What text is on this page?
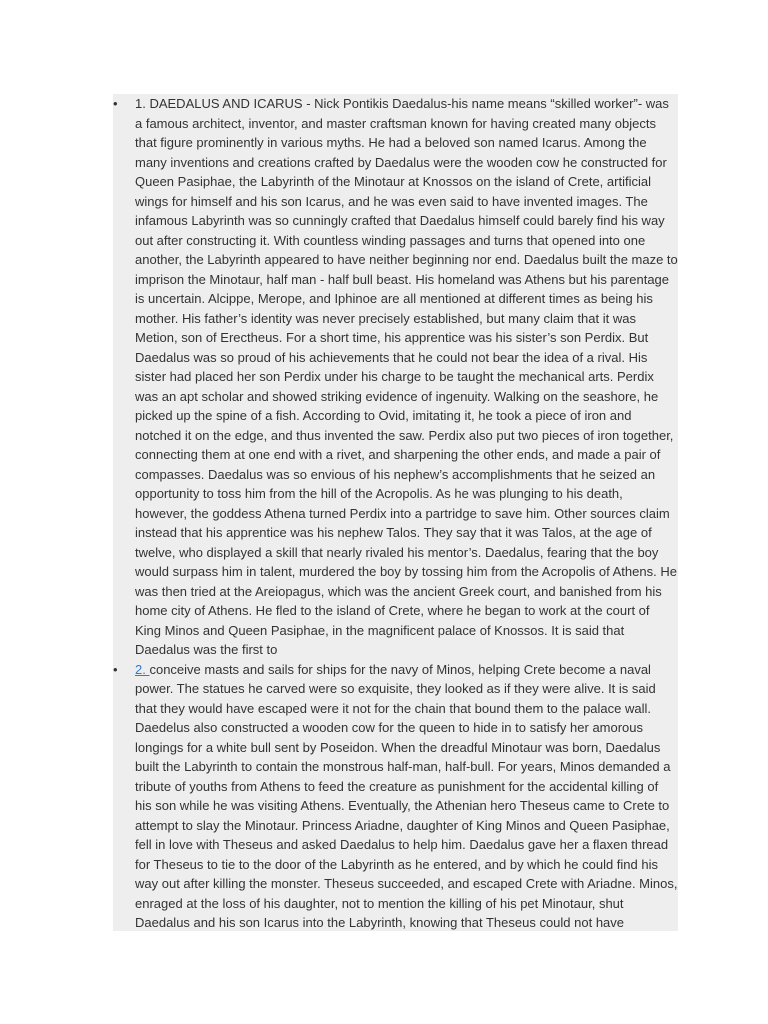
•	1. DAEDALUS AND ICARUS - Nick Pontikis Daedalus-his name means “skilled worker”- was a famous architect, inventor, and master craftsman known for having created many objects that figure prominently in various myths. He had a beloved son named Icarus. Among the many inventions and creations crafted by Daedalus were the wooden cow he constructed for Queen Pasiphae, the Labyrinth of the Minotaur at Knossos on the island of Crete, artificial wings for himself and his son Icarus, and he was even said to have invented images. The infamous Labyrinth was so cunningly crafted that Daedalus himself could barely find his way out after constructing it. With countless winding passages and turns that opened into one another, the Labyrinth appeared to have neither beginning nor end. Daedalus built the maze to imprison the Minotaur, half man - half bull beast. His homeland was Athens but his parentage is uncertain. Alcippe, Merope, and Iphinoe are all mentioned at different times as being his mother. His father’s identity was never precisely established, but many claim that it was Metion, son of Erectheus. For a short time, his apprentice was his sister’s son Perdix. But Daedalus was so proud of his achievements that he could not bear the idea of a rival. His sister had placed her son Perdix under his charge to be taught the mechanical arts. Perdix was an apt scholar and showed striking evidence of ingenuity. Walking on the seashore, he picked up the spine of a fish. According to Ovid, imitating it, he took a piece of iron and notched it on the edge, and thus invented the saw. Perdix also put two pieces of iron together, connecting them at one end with a rivet, and sharpening the other ends, and made a pair of compasses. Daedalus was so envious of his nephew’s accomplishments that he seized an opportunity to toss him from the hill of the Acropolis. As he was plunging to his death, however, the goddess Athena turned Perdix into a partridge to save him. Other sources claim instead that his apprentice was his nephew Talos. They say that it was Talos, at the age of twelve, who displayed a skill that nearly rivaled his mentor’s. Daedalus, fearing that the boy would surpass him in talent, murdered the boy by tossing him from the Acropolis of Athens. He was then tried at the Areiopagus, which was the ancient Greek court, and banished from his home city of Athens. He fled to the island of Crete, where he began to work at the court of King Minos and Queen Pasiphae, in the magnificent palace of Knossos. It is said that Daedalus was the first to
•	2. conceive masts and sails for ships for the navy of Minos, helping Crete become a naval power. The statues he carved were so exquisite, they looked as if they were alive. It is said that they would have escaped were it not for the chain that bound them to the palace wall. Daedelus also constructed a wooden cow for the queen to hide in to satisfy her amorous longings for a white bull sent by Poseidon. When the dreadful Minotaur was born, Daedalus built the Labyrinth to contain the monstrous half-man, half-bull. For years, Minos demanded a tribute of youths from Athens to feed the creature as punishment for the accidental killing of his son while he was visiting Athens. Eventually, the Athenian hero Theseus came to Crete to attempt to slay the Minotaur. Princess Ariadne, daughter of King Minos and Queen Pasiphae, fell in love with Theseus and asked Daedalus to help him. Daedalus gave her a flaxen thread for Theseus to tie to the door of the Labyrinth as he entered, and by which he could find his way out after killing the monster. Theseus succeeded, and escaped Crete with Ariadne. Minos, enraged at the loss of his daughter, not to mention the killing of his pet Minotaur, shut Daedalus and his son Icarus into the Labyrinth, knowing that Theseus could not have
